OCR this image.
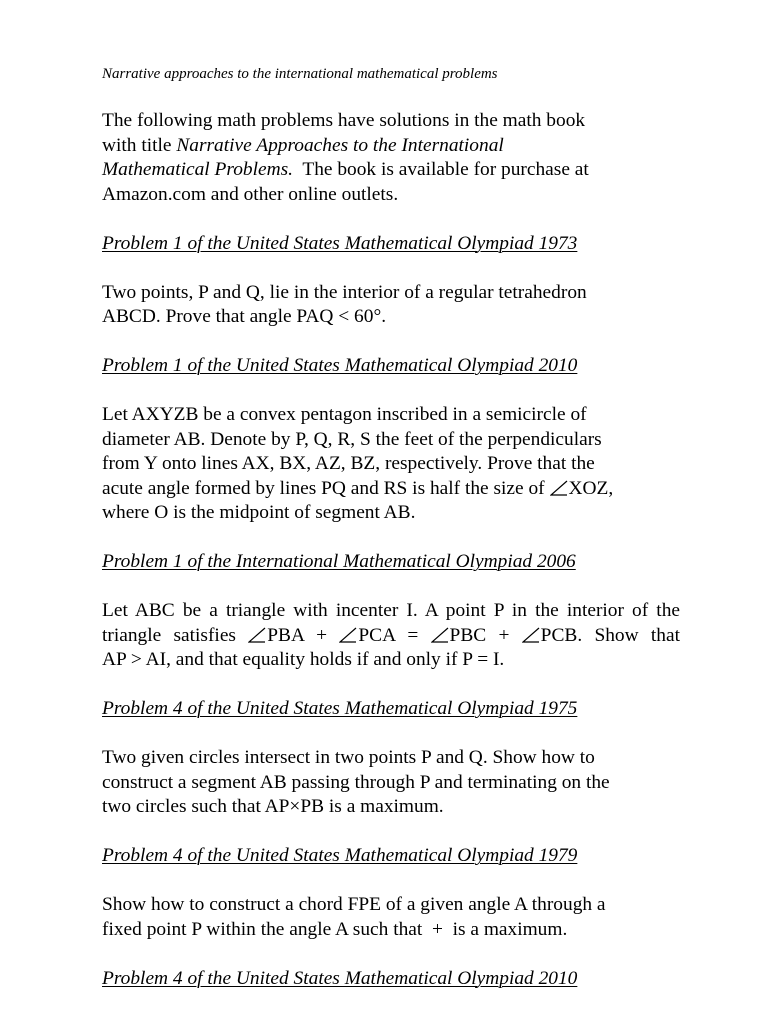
Narrative approaches to the international mathematical problems
The following math problems have solutions in the math book
with title Narrative Approaches to the International
Mathematical Problems.  The book is available for purchase at
Amazon.com and other online outlets.
Problem 1 of the United States Mathematical Olympiad 1973
Two points, P and Q, lie in the interior of a regular tetrahedron
ABCD. Prove that angle PAQ < 60°.
Problem 1 of the United States Mathematical Olympiad 2010
Let AXYZB be a convex pentagon inscribed in a semicircle of
diameter AB. Denote by P, Q, R, S the feet of the perpendiculars
from Y onto lines AX, BX, AZ, BZ, respectively. Prove that the
acute angle formed by lines PQ and RS is half the size of
XOZ,
where O is the midpoint of segment AB.
Problem 1 of the International Mathematical Olympiad 2006
Let ABC be a triangle with incenter I. A point P in the interior of the
triangle satisfies PBA + PCA = PBC + PCB. Show that
AP > AI, and that equality holds if and only if P = I.
Problem 4 of the United States Mathematical Olympiad 1975
Two given circles intersect in two points P and Q. Show how to
construct a segment AB passing through P and terminating on the
two circles such that AP×PB is a maximum.
Problem 4 of the United States Mathematical Olympiad 1979
Show how to construct a chord FPE of a given angle A through a
fixed point P within the angle A such that  +  is a maximum.
Problem 4 of the United States Mathematical Olympiad 2010
